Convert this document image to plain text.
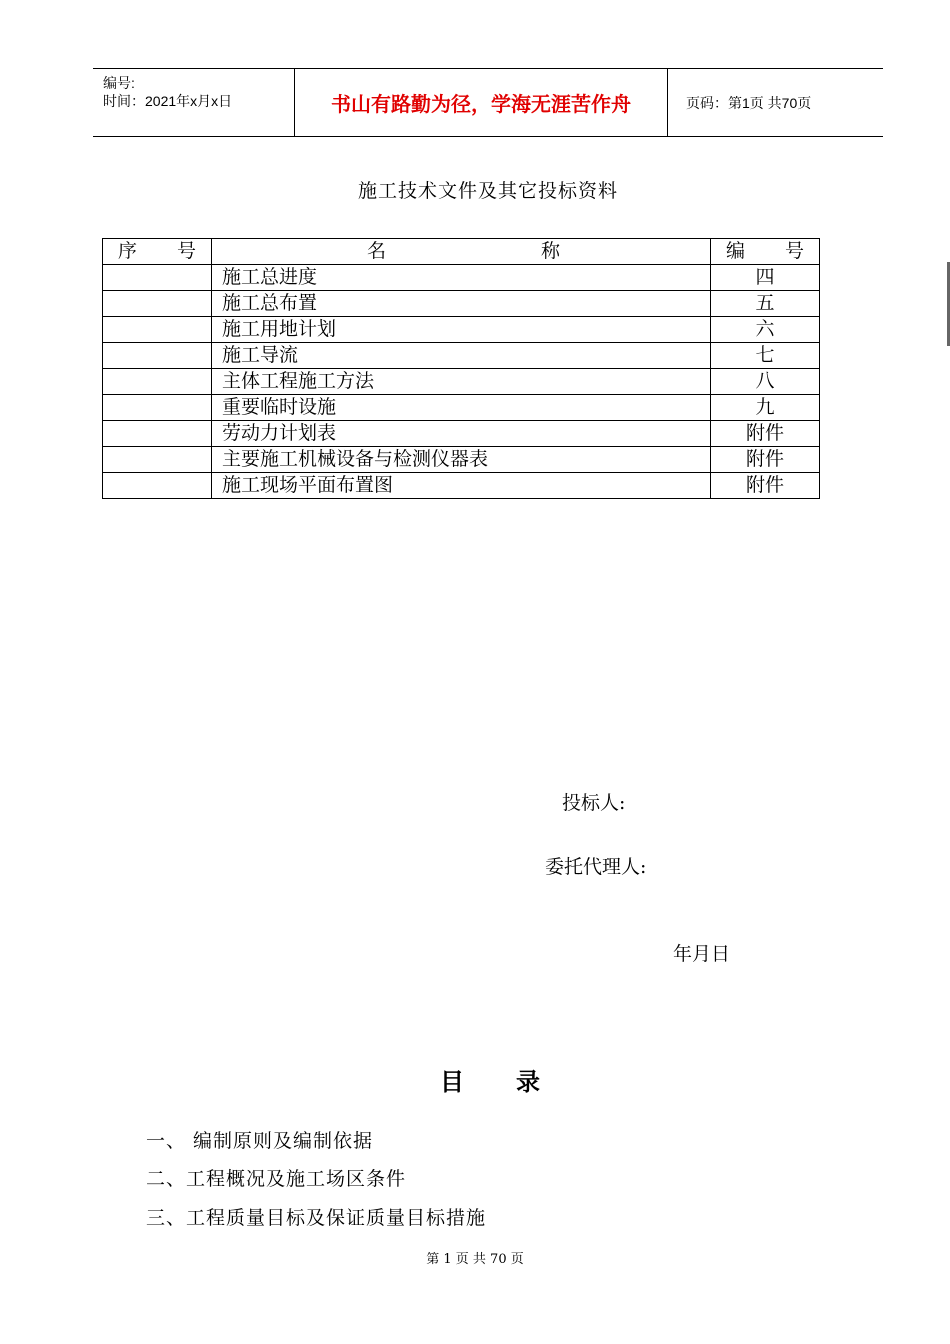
编号:
时间：2021年x月x日	书山有路勤为径，学海无涯苦作舟	页码：第1页 共70页
施工技术文件及其它投标资料
序 号	名 称	编 号

	施工总进度	四
	施工总布置	五
	施工用地计划	六
	施工导流	七
	主体工程施工方法	八
	重要临时设施	九
	劳动力计划表	附件
	主要施工机械设备与检测仪器表	附件
	施工现场平面布置图	附件
投标人:
委托代理人:
年月日
目录
一、 编制原则及编制依据
二、工程概况及施工场区条件
三、工程质量目标及保证质量目标措施
第 1 页 共 70 页
